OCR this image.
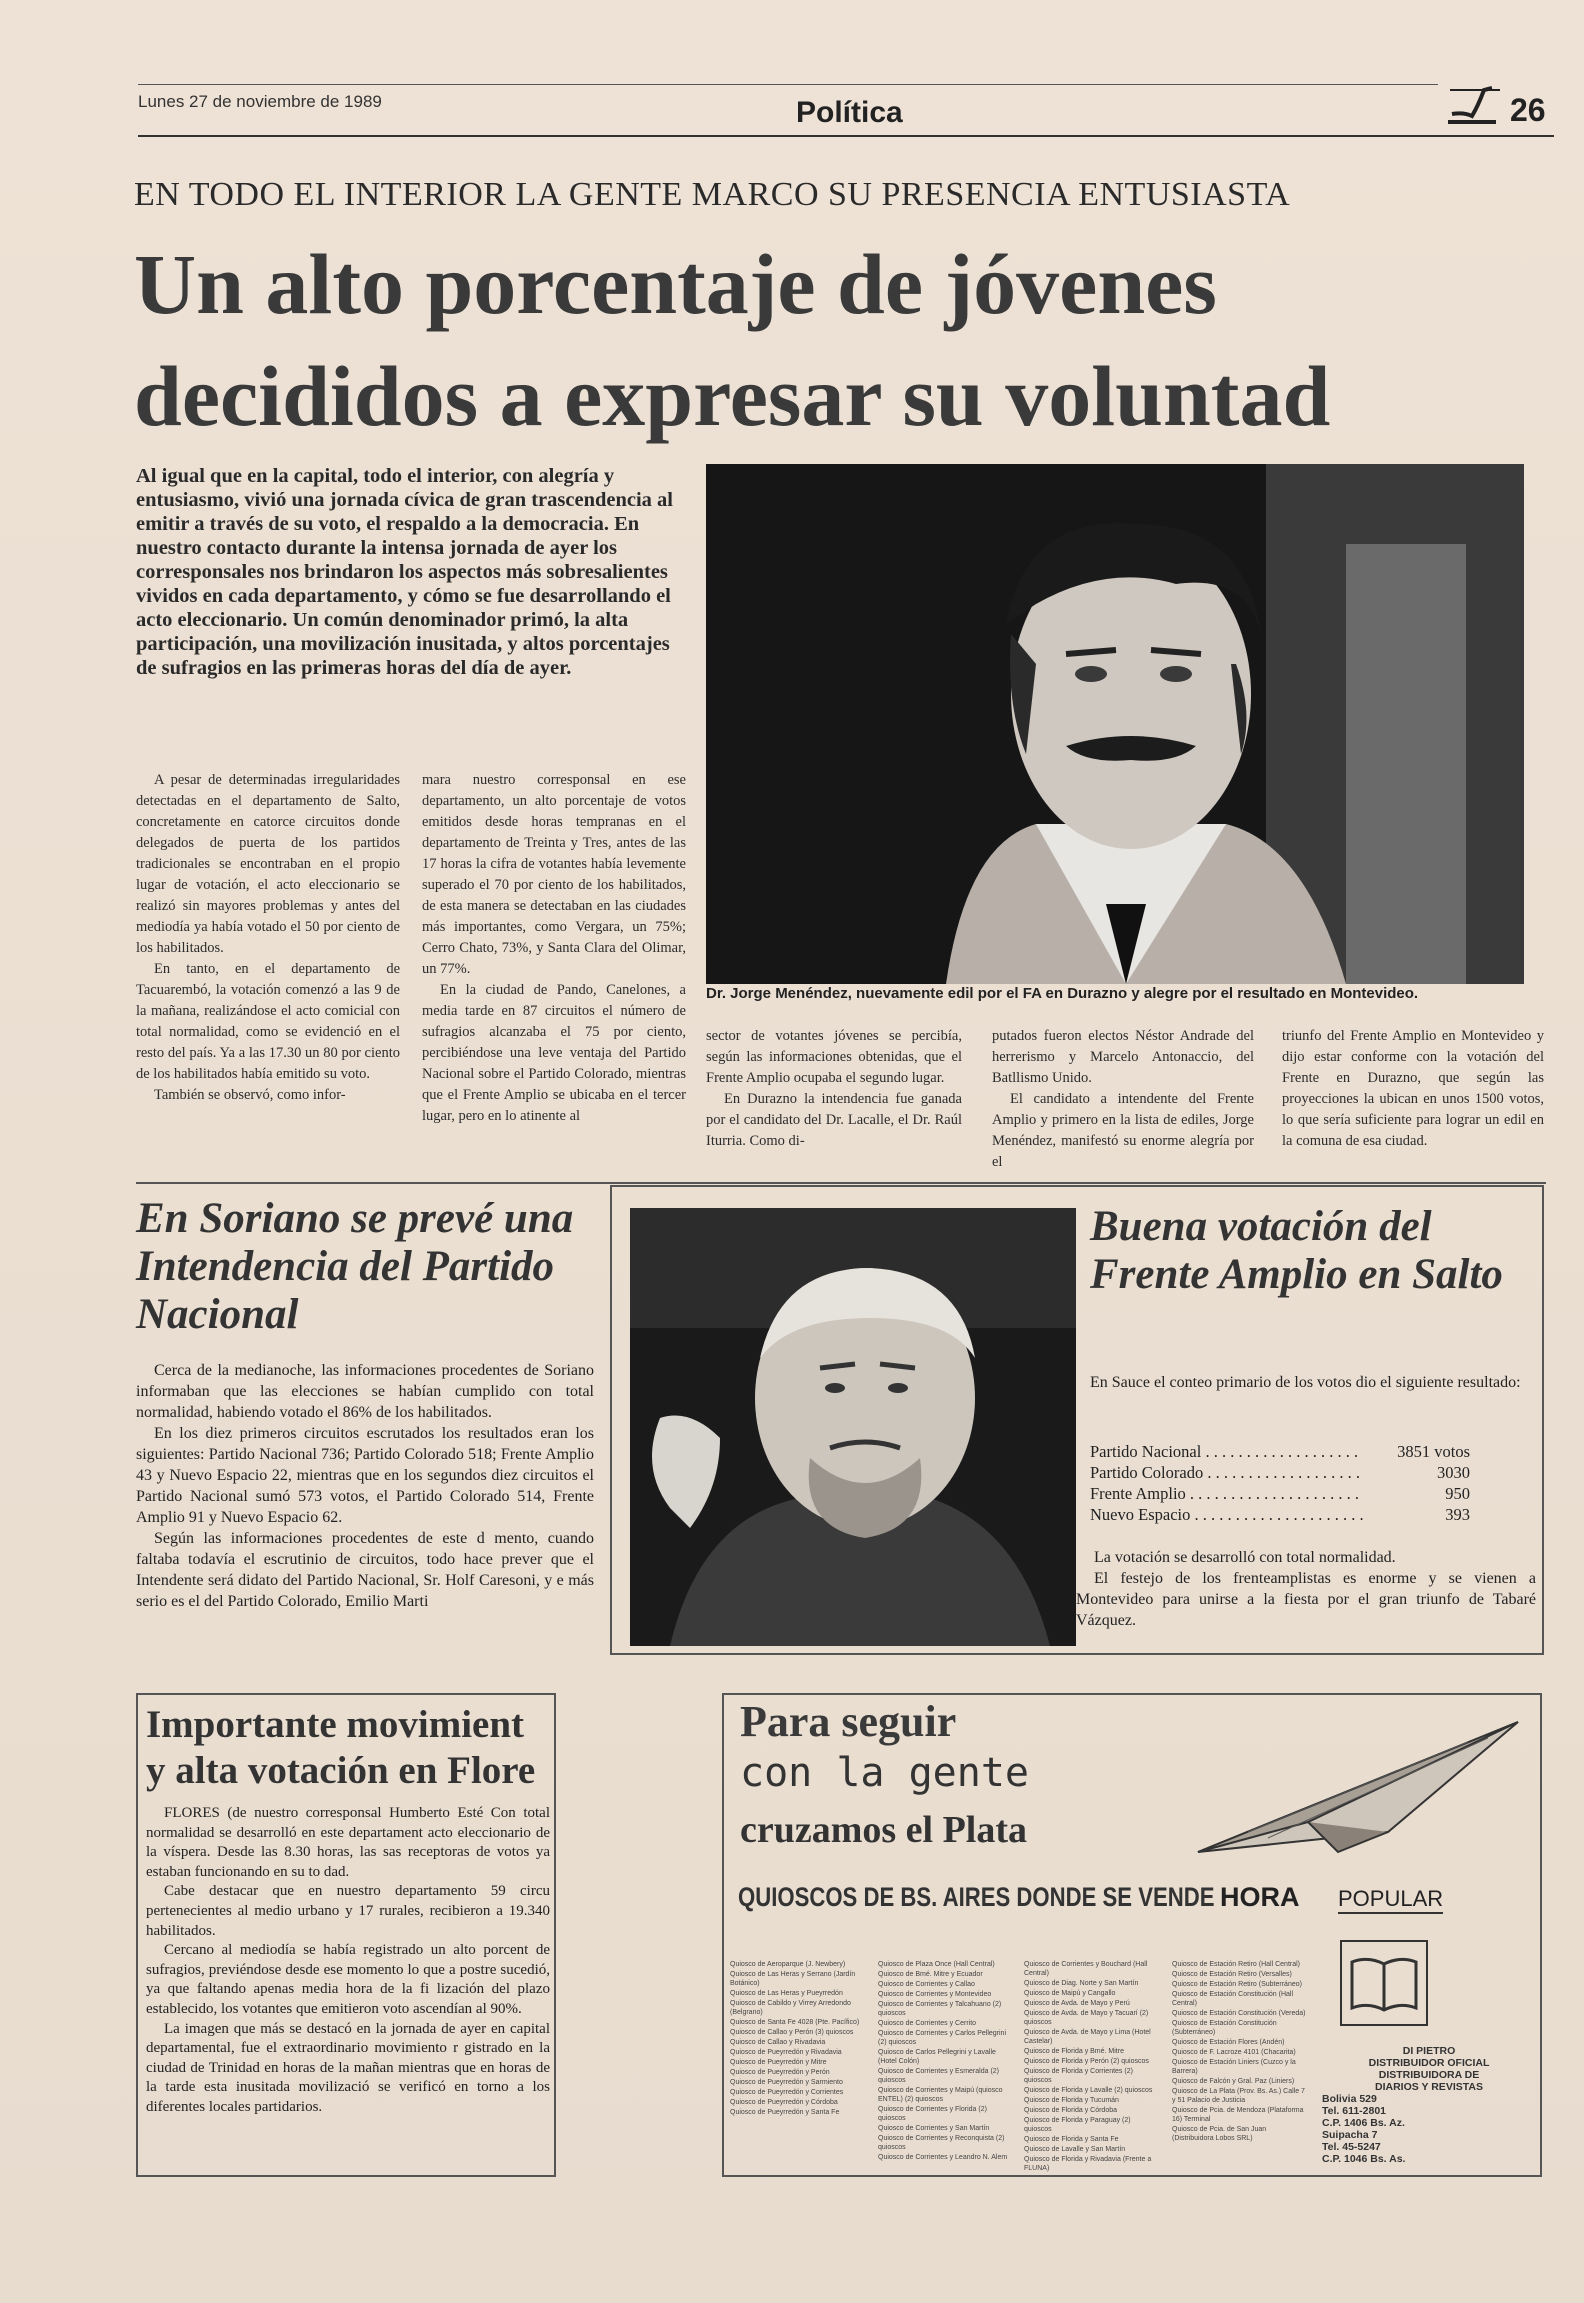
Lunes 27 de noviembre de 1989	Política	26
EN TODO EL INTERIOR LA GENTE MARCO SU PRESENCIA ENTUSIASTA
Un alto porcentaje de jóvenes decididos a expresar su voluntad
Al igual que en la capital, todo el interior, con alegría y entusiasmo, vivió una jornada cívica de gran trascendencia al emitir a través de su voto, el respaldo a la democracia. En nuestro contacto durante la intensa jornada de ayer los corresponsales nos brindaron los aspectos más sobresalientes vividos en cada departamento, y cómo se fue desarrollando el acto eleccionario. Un común denominador primó, la alta participación, una movilización inusitada, y altos porcentajes de sufragios en las primeras horas del día de ayer.
Dr. Jorge Menéndez, nuevamente edil por el FA en Durazno y alegre por el resultado en Montevideo.

A pesar de determinadas irregularidades detectadas en el departamento de Salto, concretamente en catorce circuitos donde delegados de puerta de los partidos tradicionales se encontraban en el propio lugar de votación, el acto eleccionario se realizó sin mayores problemas y antes del mediodía ya había votado el 50 por ciento de los habilitados.

En tanto, en el departamento de Tacuarembó, la votación comenzó a las 9 de la mañana, realizándose el acto comicial con total normalidad, como se evidenció en el resto del país. Ya a las 17.30 un 80 por ciento de los habilitados había emitido su voto.

También se observó, como infor-

mara nuestro corresponsal en ese departamento, un alto porcentaje de votos emitidos desde horas tempranas en el departamento de Treinta y Tres, antes de las 17 horas la cifra de votantes había levemente superado el 70 por ciento de los habilitados, de esta manera se detectaban en las ciudades más importantes, como Vergara, un 75%; Cerro Chato, 73%, y Santa Clara del Olimar, un 77%.

En la ciudad de Pando, Canelones, a media tarde en 87 circuitos el número de sufragios alcanzaba el 75 por ciento, percibiéndose una leve ventaja del Partido Nacional sobre el Partido Colorado, mientras que el Frente Amplio se ubicaba en el tercer lugar, pero en lo atinente al

sector de votantes jóvenes se percibía, según las informaciones obtenidas, que el Frente Amplio ocupaba el segundo lugar.

En Durazno la intendencia fue ganada por el candidato del Dr. Lacalle, el Dr. Raúl Iturria. Como di-

putados fueron electos Néstor Andrade del herrerismo y Marcelo Antonaccio, del Batllismo Unido.

El candidato a intendente del Frente Amplio y primero en la lista de ediles, Jorge Menéndez, manifestó su enorme alegría por el

triunfo del Frente Amplio en Montevideo y dijo estar conforme con la votación del Frente en Durazno, que según las proyecciones la ubican en unos 1500 votos, lo que sería suficiente para lograr un edil en la comuna de esa ciudad.

En Soriano se prevé una Intendencia del Partido Nacional

Cerca de la medianoche, las informaciones procedentes de Soriano informaban que las elecciones se habían cumplido con total normalidad, habiendo votado el 86% de los habilitados.

En los diez primeros circuitos escrutados los resultados eran los siguientes: Partido Nacional 736; Partido Colorado 518; Frente Amplio 43 y Nuevo Espacio 22, mientras que en los segundos diez circuitos el Partido Nacional sumó 573 votos, el Partido Colorado 514, Frente Amplio 91 y Nuevo Espacio 62.

Según las informaciones procedentes de este d mento, cuando faltaba todavía el escrutinio de circuitos, todo hace prever que el Intendente será didato del Partido Nacional, Sr. Holf Caresoni, y e más serio es el del Partido Colorado, Emilio Marti

Buena votación del Frente Amplio en Salto

En Sauce el conteo primario de los votos dio el siguiente resultado:

Partido Nacional . . . . . . . . . . . . . . . . . . .	3851 votos
Partido Colorado . . . . . . . . . . . . . . . . . . .	3030
Frente Amplio . . . . . . . . . . . . . . . . . . . . .	950
Nuevo Espacio . . . . . . . . . . . . . . . . . . . . .	393

La votación se desarrolló con total normalidad.

El festejo de los frenteamplistas es enorme y se vienen a Montevideo para unirse a la fiesta por el gran triunfo de Tabaré Vázquez.

Importante movimient y alta votación en Flore

FLORES (de nuestro corresponsal Humberto Esté Con total normalidad se desarrolló en este departament acto eleccionario de la víspera. Desde las 8.30 horas, las sas receptoras de votos ya estaban funcionando en su to dad.

Cabe destacar que en nuestro departamento 59 circu pertenecientes al medio urbano y 17 rurales, recibieron a 19.340 habilitados.

Cercano al mediodía se había registrado un alto porcent de sufragios, previéndose desde ese momento lo que a postre sucedió, ya que faltando apenas media hora de la fi lización del plazo establecido, los votantes que emitieron voto ascendían al 90%.

La imagen que más se destacó en la jornada de ayer en capital departamental, fue el extraordinario movimiento r gistrado en la ciudad de Trinidad en horas de la mañan mientras que en horas de la tarde esta inusitada movilizació se verificó en torno a los diferentes locales partidarios.

Para seguir
con la gente
cruzamos el Plata
QUIOSCOS DE BS. AIRES DONDE SE VENDE HORA POPULAR

Quiosco de Aeroparque (J. Newbery)

Quiosco de Las Heras y Serrano (Jardín Botánico)

Quiosco de Las Heras y Pueyrredón

Quiosco de Cabildo y Virrey Arredondo (Belgrano)

Quiosco de Santa Fe 4028 (Pte. Pacífico)

Quiosco de Callao y Perón (3) quioscos

Quiosco de Callao y Rivadavia

Quiosco de Pueyrredón y Rivadavia

Quiosco de Pueyrredón y Mitre

Quiosco de Pueyrredón y Perón

Quiosco de Pueyrredón y Sarmiento

Quiosco de Pueyrredón y Corrientes

Quiosco de Pueyrredón y Córdoba

Quiosco de Pueyrredón y Santa Fe

Quiosco de Plaza Once (Hall Central)

Quiosco de Bmé. Mitre y Ecuador

Quiosco de Corrientes y Callao

Quiosco de Corrientes y Montevideo

Quiosco de Corrientes y Talcahuano (2) quioscos

Quiosco de Corrientes y Cerrito

Quiosco de Corrientes y Carlos Pellegrini (2) quioscos

Quiosco de Carlos Pellegrini y Lavalle (Hotel Colón)

Quiosco de Corrientes y Esmeralda (2) quioscos

Quiosco de Corrientes y Maipú (quiosco ENTEL) (2) quioscos

Quiosco de Corrientes y Florida (2) quioscos

Quiosco de Corrientes y San Martín

Quiosco de Corrientes y Reconquista (2) quioscos

Quiosco de Corrientes y Leandro N. Alem

Quiosco de Corrientes y Bouchard (Hall Central)

Quiosco de Diag. Norte y San Martín

Quiosco de Maipú y Cangallo

Quiosco de Avda. de Mayo y Perú

Quiosco de Avda. de Mayo y Tacuarí (2) quioscos

Quiosco de Avda. de Mayo y Lima (Hotel Castelar)

Quiosco de Florida y Bmé. Mitre

Quiosco de Florida y Perón (2) quioscos

Quiosco de Florida y Corrientes (2) quioscos

Quiosco de Florida y Lavalle (2) quioscos

Quiosco de Florida y Tucumán

Quiosco de Florida y Córdoba

Quiosco de Florida y Paraguay (2) quioscos

Quiosco de Florida y Santa Fe

Quiosco de Lavalle y San Martín

Quiosco de Florida y Rivadavia (Frente a FLUNA)

Quiosco de Estación Retiro (Hall Central)

Quiosco de Estación Retiro (Versalles)

Quiosco de Estación Retiro (Subterráneo)

Quiosco de Estación Constitución (Hall Central)

Quiosco de Estación Constitución (Vereda)

Quiosco de Estación Constitución (Subterráneo)

Quiosco de Estación Flores (Andén)

Quiosco de F. Lacroze 4101 (Chacarita)

Quiosco de Estación Liniers (Cuzco y la Barrera)

Quiosco de Falcón y Gral. Paz (Liniers)

Quiosco de La Plata (Prov. Bs. As.) Calle 7 y 51 Palacio de Justicia

Quiosco de Pcia. de Mendoza (Plataforma 16) Terminal

Quiosco de Pcia. de San Juan (Distribuidora Lobos SRL)

DI PIETRO
DISTRIBUIDOR OFICIAL
DISTRIBUIDORA DE
DIARIOS Y REVISTAS
Bolivia 529
Tel. 611-2801
C.P. 1406 Bs. Az.
Suipacha 7
Tel. 45-5247
C.P. 1046 Bs. As.
